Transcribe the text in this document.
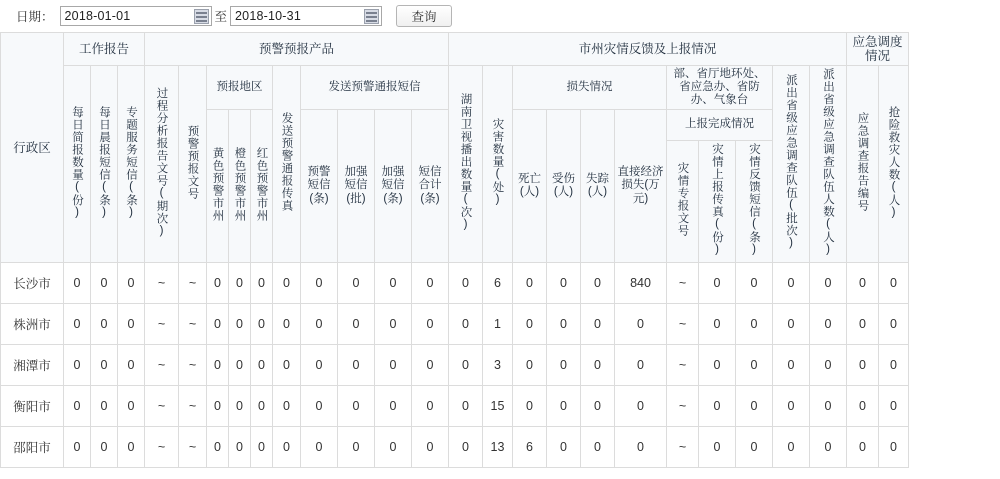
日期： 2018-01-01	至 2018-10-31	查询
行政区	工作报告			预警预报产品										市州灾情反馈及上报情况											应急调度情况	
	每日简报数量(份)	每日晨报短信(条)	专题服务短信(条)	过程分析报告文号(期次)	预警预报文号	预报地区			发送预警通报传真	发送预警通报短信				湖南卫视播出数量(次)	灾害数量(处)	损失情况				部、省厅地环处、省应急办、省防办、气象台			派出省级应急调查队伍(批次)	派出省级应急调查队伍人数(人)	应急调查报告编号	抢险救灾人数(人)
						黄色预警市州	橙色预警市州	红色预警市州		预警短信(条)	加强短信(批)	加强短信(条)	短信合计(条)			死亡(人)	受伤(人)	失踪(人)	直接经济损失(万元)	上报完成情况						
																				灾情专报文号	灾情上报传真(份)	灾情反馈短信(条)				
长沙市	0	0	0	~	~	0	0	0	0	0	0	0	0	0	6	0	0	0	840	~	0	0	0	0	0	0
株洲市	0	0	0	~	~	0	0	0	0	0	0	0	0	0	1	0	0	0	0	~	0	0	0	0	0	0
湘潭市	0	0	0	~	~	0	0	0	0	0	0	0	0	0	3	0	0	0	0	~	0	0	0	0	0	0
衡阳市	0	0	0	~	~	0	0	0	0	0	0	0	0	0	15	0	0	0	0	~	0	0	0	0	0	0
邵阳市	0	0	0	~	~	0	0	0	0	0	0	0	0	0	13	6	0	0	0	~	0	0	0	0	0	0
